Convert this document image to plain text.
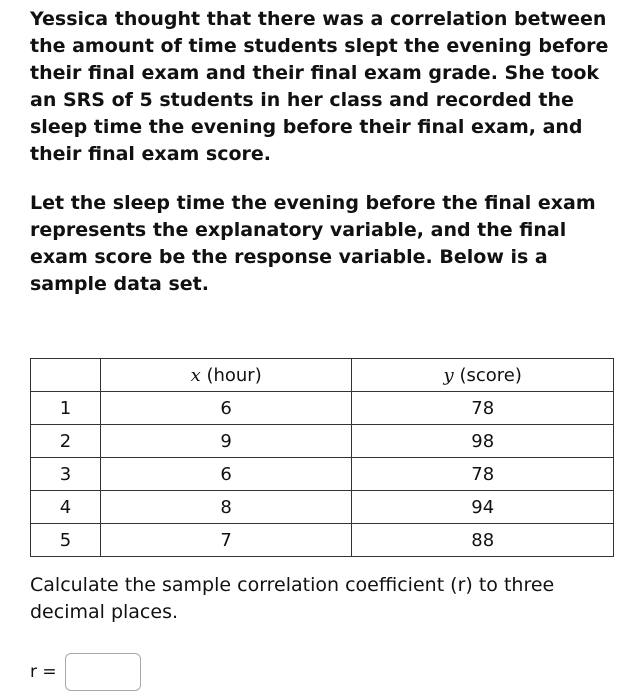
Yessica thought that there was a correlation between the amount of time students slept the evening before their final exam and their final exam grade. She took an SRS of 5 students in her class and recorded the sleep time the evening before their final exam, and their final exam score.

Let the sleep time the evening before the final exam represents the explanatory variable, and the final exam score be the response variable. Below is a sample data set.

	x (hour)	y (score)
1	6	78
2	9	98
3	6	78
4	8	94
5	7	88

Calculate the sample correlation coefficient (r) to three decimal places.

r =
